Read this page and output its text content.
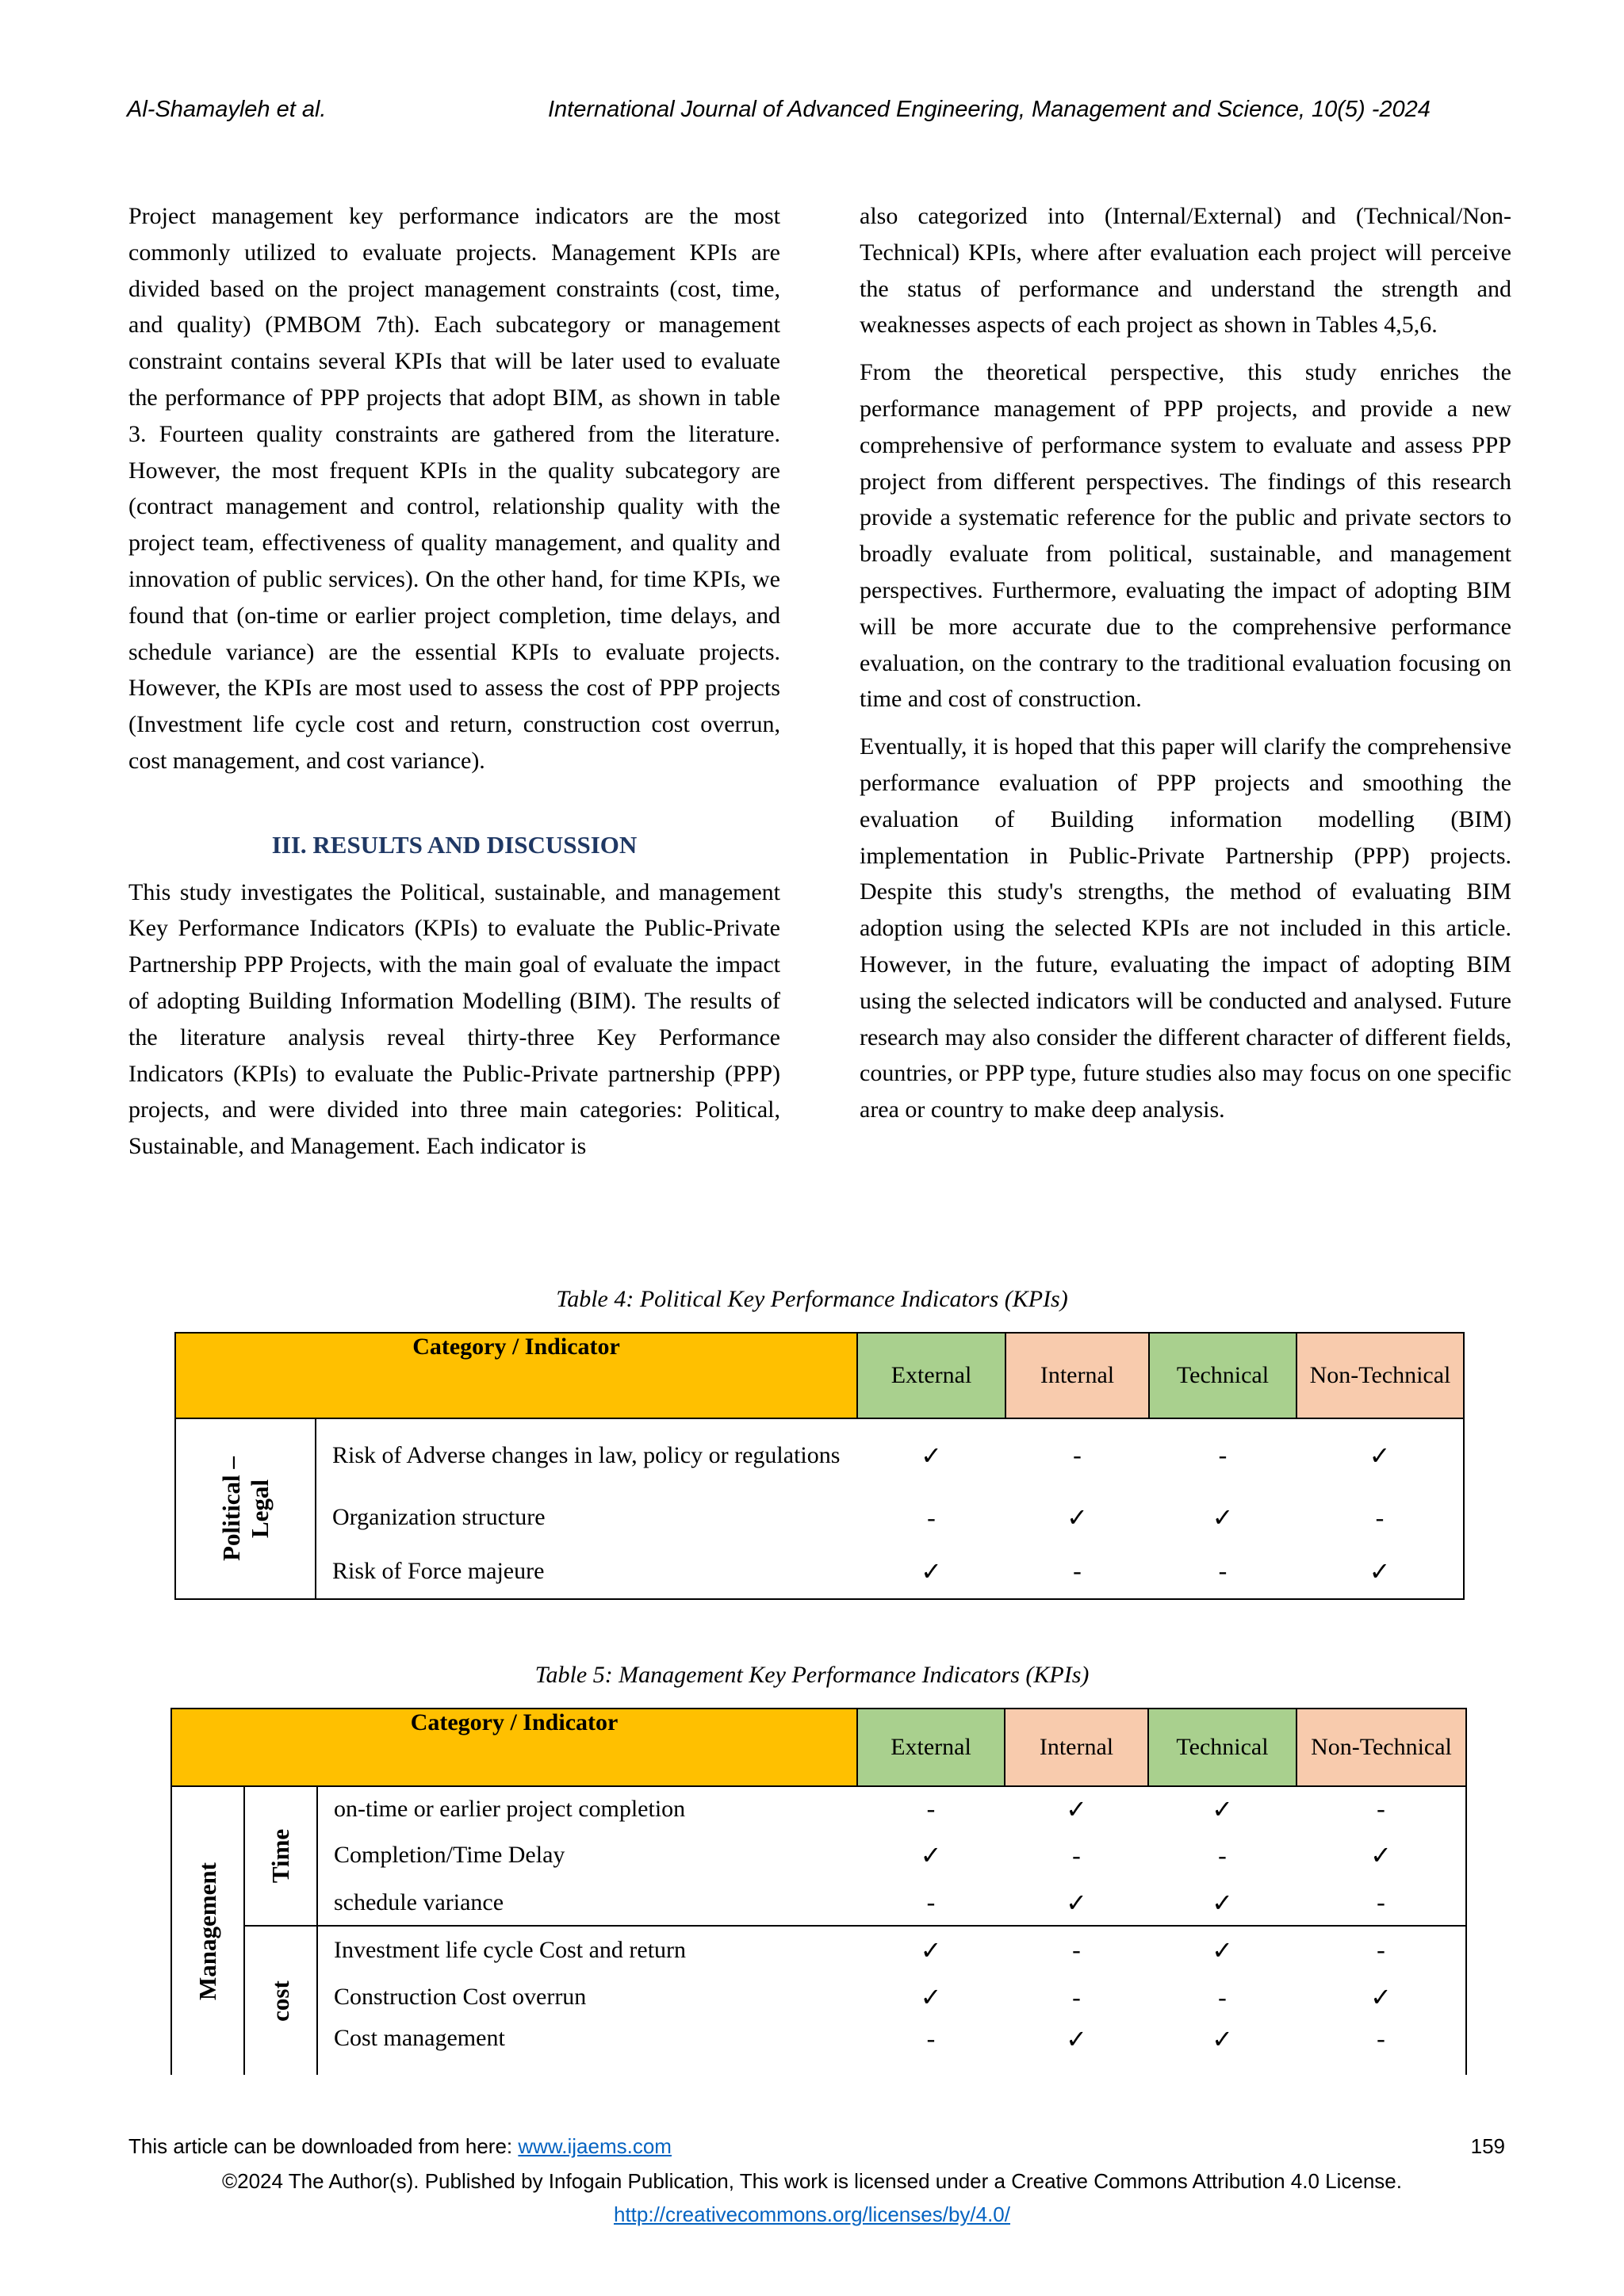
Al-Shamayleh et al.	International Journal of Advanced Engineering, Management and Science, 10(5) -2024

Project management key performance indicators are the most commonly utilized to evaluate projects. Management KPIs are divided based on the project management constraints (cost, time, and quality) (PMBOM 7th). Each subcategory or management constraint contains several KPIs that will be later used to evaluate the performance of PPP projects that adopt BIM, as shown in table 3. Fourteen quality constraints are gathered from the literature. However, the most frequent KPIs in the quality subcategory are (contract management and control, relationship quality with the project team, effectiveness of quality management, and quality and innovation of public services). On the other hand, for time KPIs, we found that (on-time or earlier project completion, time delays, and schedule variance) are the essential KPIs to evaluate projects. However, the KPIs are most used to assess the cost of PPP projects (Investment life cycle cost and return, construction cost overrun, cost management, and cost variance).

III. RESULTS AND DISCUSSION

This study investigates the Political, sustainable, and management Key Performance Indicators (KPIs) to evaluate the Public-Private Partnership PPP Projects, with the main goal of evaluate the impact of adopting Building Information Modelling (BIM). The results of the literature analysis reveal thirty-three Key Performance Indicators (KPIs) to evaluate the Public-Private partnership (PPP) projects, and were divided into three main categories: Political, Sustainable, and Management. Each indicator is

also categorized into (Internal/External) and (Technical/Non-Technical) KPIs, where after evaluation each project will perceive the status of performance and understand the strength and weaknesses aspects of each project as shown in Tables 4,5,6.

From the theoretical perspective, this study enriches the performance management of PPP projects, and provide a new comprehensive of performance system to evaluate and assess PPP project from different perspectives. The findings of this research provide a systematic reference for the public and private sectors to broadly evaluate from political, sustainable, and management perspectives. Furthermore, evaluating the impact of adopting BIM will be more accurate due to the comprehensive performance evaluation, on the contrary to the traditional evaluation focusing on time and cost of construction.

Eventually, it is hoped that this paper will clarify the comprehensive performance evaluation of PPP projects and smoothing the evaluation of Building information modelling (BIM) implementation in Public-Private Partnership (PPP) projects. Despite this study's strengths, the method of evaluating BIM adoption using the selected KPIs are not included in this article. However, in the future, evaluating the impact of adopting BIM using the selected indicators will be conducted and analysed. Future research may also consider the different character of different fields, countries, or PPP type, future studies also may focus on one specific area or country to make deep analysis.

Table 4: Political Key Performance Indicators (KPIs)
Category / Indicator		External	Internal	Technical	Non-Technical

Political – Legal	Risk of Adverse changes in law, policy or regulations	✓	-	-	✓
	Organization structure	-	✓	✓	-
	Risk of Force majeure	✓	-	-	✓
Table 5: Management Key Performance Indicators (KPIs)
Category / Indicator			External	Internal	Technical	Non-Technical

Management	Time	on-time or earlier project completion	-	✓	✓	-
		Completion/Time Delay	✓	-	-	✓
		schedule variance	-	✓	✓	-

	cost	Investment life cycle Cost and return	✓	-	✓	-
		Construction Cost overrun	✓	-	-	✓
		Cost management	-	✓	✓	-
This article can be downloaded from here: www.ijaems.com	159
©2024 The Author(s). Published by Infogain Publication, This work is licensed under a Creative Commons Attribution 4.0 License.
http://creativecommons.org/licenses/by/4.0/
